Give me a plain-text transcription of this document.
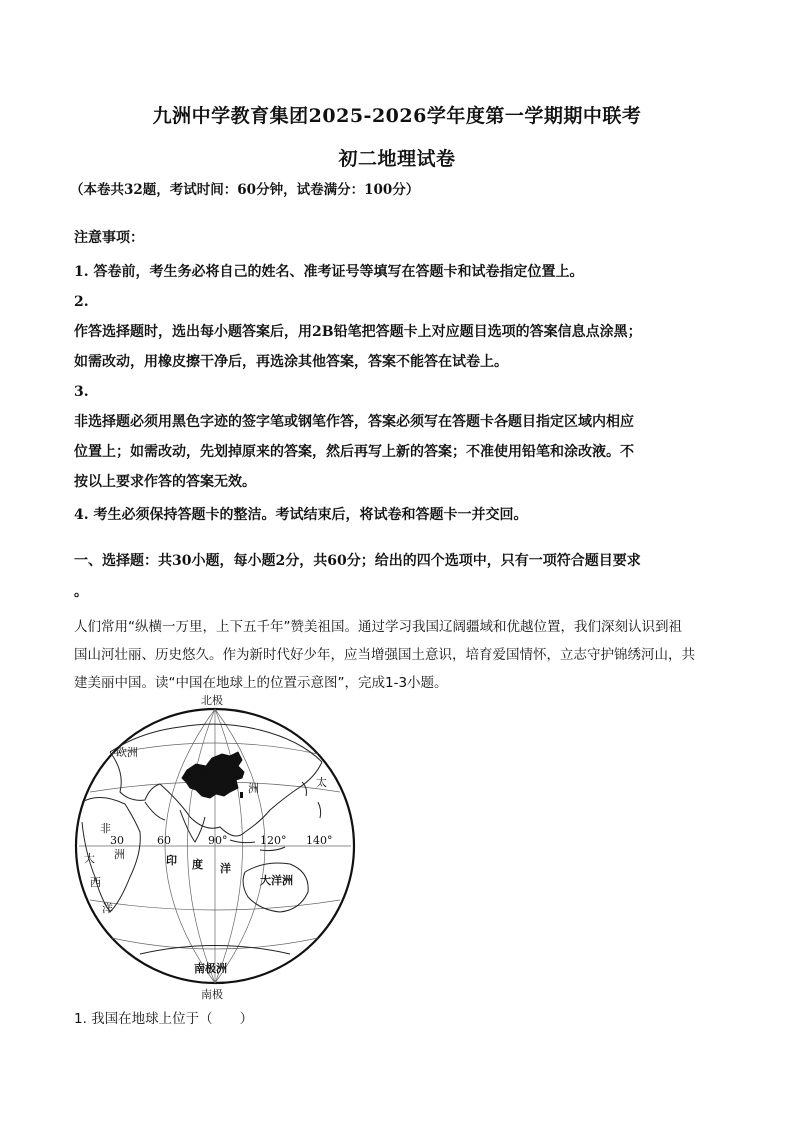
九洲中学教育集团2025-2026学年度第一学期期中联考
初二地理试卷
（本卷共32题，考试时间：60分钟，试卷满分：100分）
注意事项：
1. 答卷前，考生务必将自己的姓名、准考证号等填写在答题卡和试卷指定位置上。
2.
作答选择题时，选出每小题答案后，用2B铅笔把答题卡上对应题目选项的答案信息点涂黑；
如需改动，用橡皮擦干净后，再选涂其他答案，答案不能答在试卷上。
3.
非选择题必须用黑色字迹的签字笔或钢笔作答，答案必须写在答题卡各题目指定区域内相应
位置上；如需改动，先划掉原来的答案，然后再写上新的答案；不准使用铅笔和涂改液。不
按以上要求作答的答案无效。
4. 考生必须保持答题卡的整洁。考试结束后，将试卷和答题卡一并交回。
一、选择题：共30小题，每小题2分，共60分；给出的四个选项中，只有一项符合题目要求
。
人们常用“纵横一万里，上下五千年”赞美祖国。通过学习我国辽阔疆域和优越位置，我们深刻认识到祖
国山河壮丽、历史悠久。作为新时代好少年，应当增强国土意识，培育爱国情怀，立志守护锦绣河山，共
建美丽中国。读“中国在地球上的位置示意图”，完成1-3小题。
北极
欧洲
亚
洲	太
非
洲
大
西
洋
印 度 洋
大洋洲
南极洲
南极
30	60	90°	120° 140°
1. 我国在地球上位于（　　）
